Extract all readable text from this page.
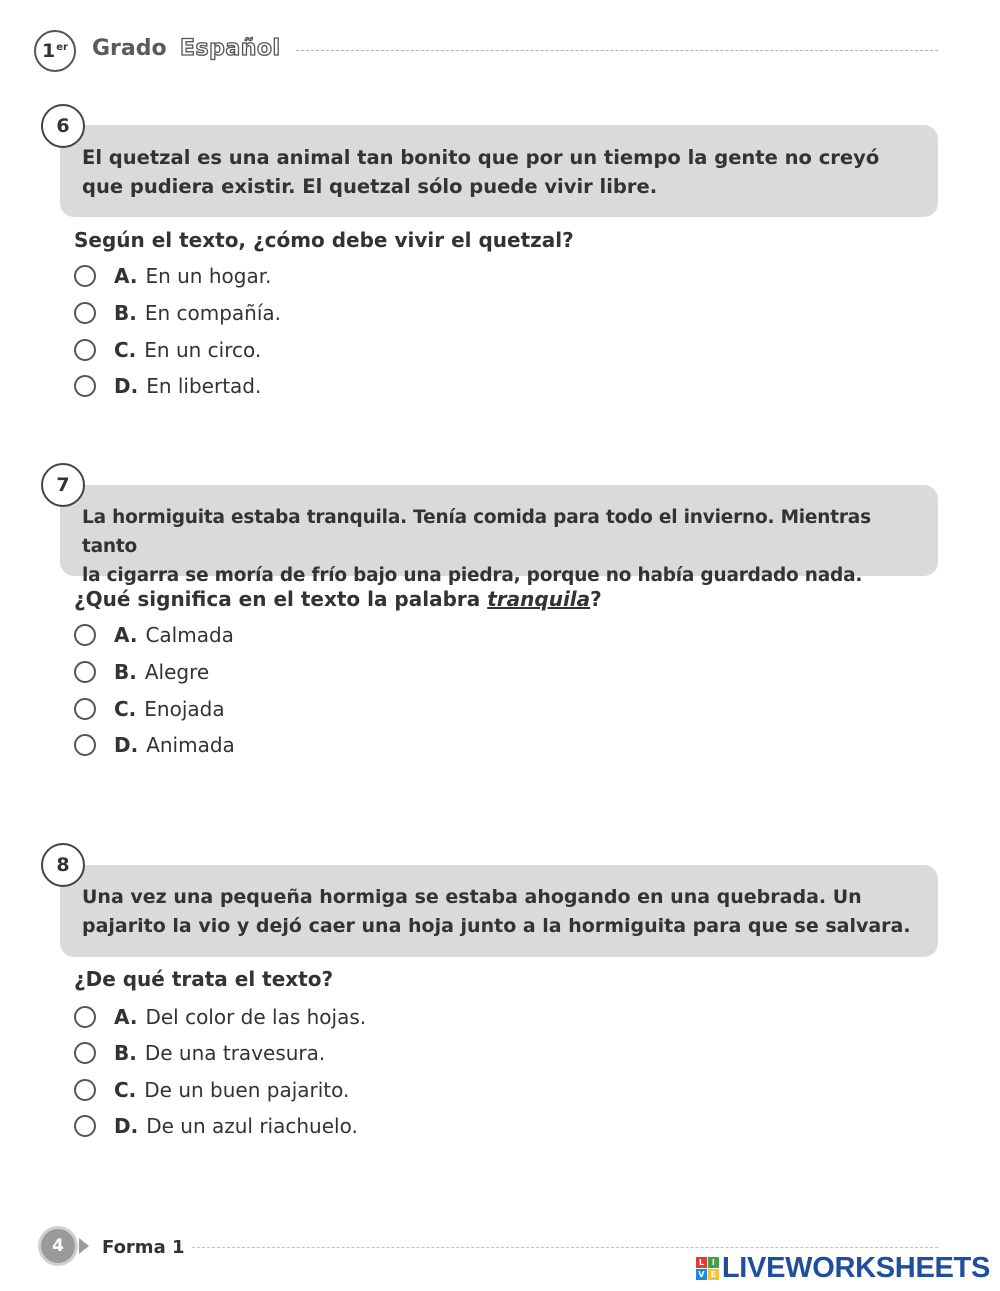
1er Grado Español
6
El quetzal es una animal tan bonito que por un tiempo la gente no creyó
que pudiera existir. El quetzal sólo puede vivir libre.
Según el texto, ¿cómo debe vivir el quetzal?
A. En un hogar.
B. En compañía.
C. En un circo.
D. En libertad.
7
La hormiguita estaba tranquila. Tenía comida para todo el invierno. Mientras tanto
la cigarra se moría de frío bajo una piedra, porque no había guardado nada.
¿Qué significa en el texto la palabra tranquila?
A. Calmada
B. Alegre
C. Enojada
D. Animada
8
Una vez una pequeña hormiga se estaba ahogando en una quebrada. Un
pajarito la vio y dejó caer una hoja junto a la hormiguita para que se salvara.
¿De qué trata el texto?
A. Del color de las hojas.
B. De una travesura.
C. De un buen pajarito.
D. De un azul riachuelo.
4	Forma 1
L I
V E LIVEWORKSHEETS
